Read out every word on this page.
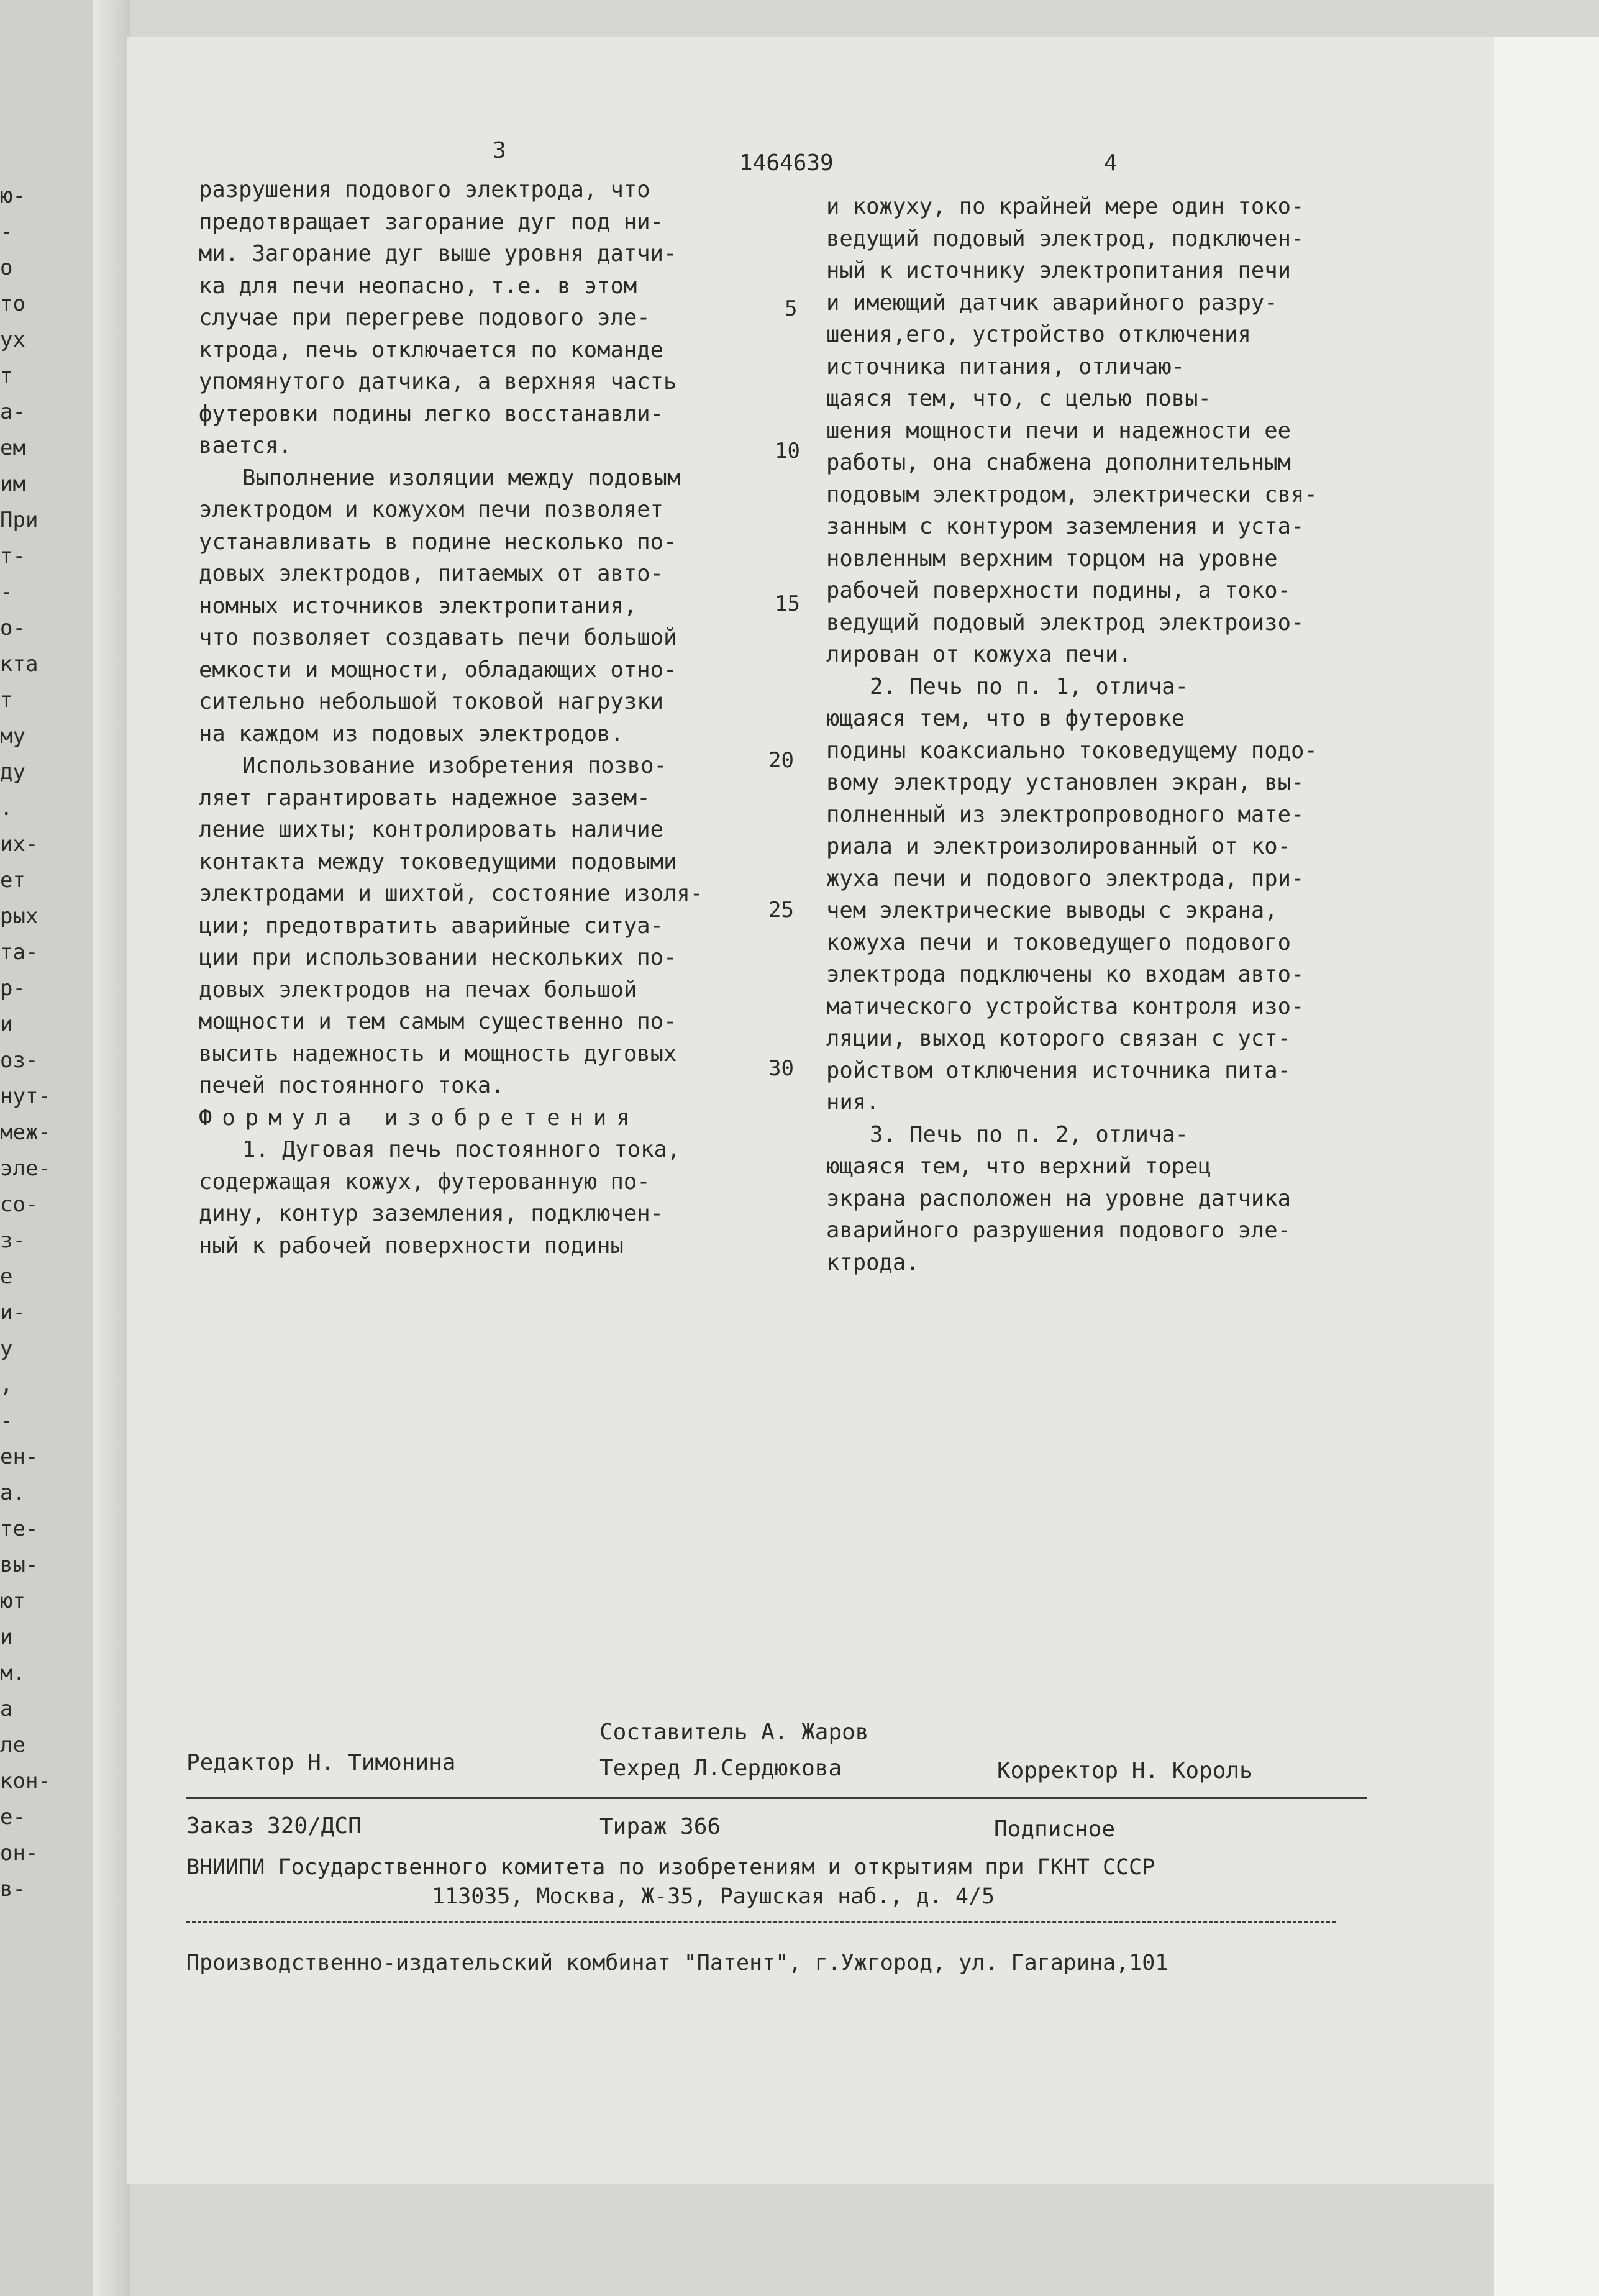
ю-
-
о
то
ух
т
а-
ем
им
При
т-
-
о-
кта
т
му
ду
.
их-
ет
рых
та-
р-
и
оз-
нут-
меж-
эле-
со-
з-
е
и-
у
,
-
ен-
а.
те-
вы-
ют
и
м.
а
ле
кон-
е-
он-
в-
3	1464639	4
разрушения подового электрода, что
предотвращает загорание дуг под ни-
ми. Загорание дуг выше уровня датчи-
ка для печи неопасно, т.е. в этом
случае при перегреве подового эле-
ктрода, печь отключается по команде
упомянутого датчика, а верхняя часть
футеровки подины легко восстанавли-
вается.
Выполнение изоляции между подовым
электродом и кожухом печи позволяет
устанавливать в подине несколько по-
довых электродов, питаемых от авто-
номных источников электропитания,
что позволяет создавать печи большой
емкости и мощности, обладающих отно-
сительно небольшой токовой нагрузки
на каждом из подовых электродов.
Использование изобретения позво-
ляет гарантировать надежное зазем-
ление шихты; контролировать наличие
контакта между токоведущими подовыми
электродами и шихтой, состояние изоля-
ции; предотвратить аварийные ситуа-
ции при использовании нескольких по-
довых электродов на печах большой
мощности и тем самым существенно по-
высить надежность и мощность дуговых
печей постоянного тока.
Формула изобретения
1. Дуговая печь постоянного тока,
содержащая кожух, футерованную по-
дину, контур заземления, подключен-
ный к рабочей поверхности подины
и кожуху, по крайней мере один токо-
ведущий подовый электрод, подключен-
ный к источнику электропитания печи
и имеющий датчик аварийного разру-
шения,его, устройство отключения
источника питания, отличаю-
щаяся тем, что, с целью повы-
шения мощности печи и надежности ее
работы, она снабжена дополнительным
подовым электродом, электрически свя-
занным с контуром заземления и уста-
новленным верхним торцом на уровне
рабочей поверхности подины, а токо-
ведущий подовый электрод электроизо-
лирован от кожуха печи.
2. Печь по п. 1, отлича-
ющаяся тем, что в футеровке
подины коаксиально токоведущему подо-
вому электроду установлен экран, вы-
полненный из электропроводного мате-
риала и электроизолированный от ко-
жуха печи и подового электрода, при-
чем электрические выводы с экрана,
кожуха печи и токоведущего подового
электрода подключены ко входам авто-
матического устройства контроля изо-
ляции, выход которого связан с уст-
ройством отключения источника пита-
ния.
3. Печь по п. 2, отлича-
ющаяся тем, что верхний торец
экрана расположен на уровне датчика
аварийного разрушения подового эле-
ктрода.
5
10
15
20
25
30
Составитель А. Жаров
Редактор Н. Тимонина	Техред Л.Сердюкова	Корректор Н. Король
Заказ 320/ДСП	Тираж 366	Подписное
ВНИИПИ Государственного комитета по изобретениям и открытиям при ГКНТ СССР
113035, Москва, Ж-35, Раушская наб., д. 4/5
Производственно-издательский комбинат "Патент", г.Ужгород, ул. Гагарина,101
